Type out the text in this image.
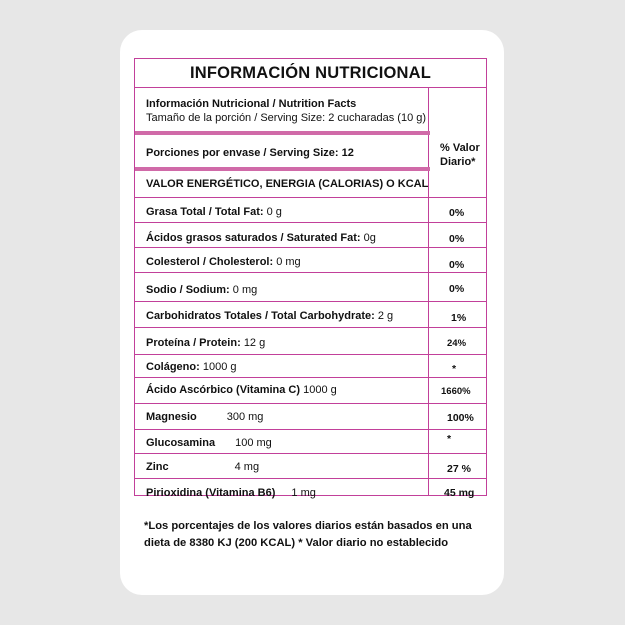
INFORMACIÓN NUTRICIONAL
Información Nutricional / Nutrition Facts
Tamaño de la porción / Serving Size: 2 cucharadas (10 g)
Porciones por envase / Serving Size: 12	% Valor Diario*
VALOR ENERGÉTICO, ENERGIA (CALORIAS) O KCAL
Grasa Total / Total Fat: 0 g	0%
Ácidos grasos saturados / Saturated Fat: 0g	0%
Colesterol / Cholesterol: 0 mg	0%
Sodio / Sodium: 0 mg	0%
Carbohidratos Totales / Total Carbohydrate: 2 g	1%
Proteína / Protein: 12 g	24%
Colágeno: 1000 g	*
Ácido Ascórbico (Vitamina C) 1000 g	1660%
Magnesio	300 mg	100%
Glucosamina 100 mg	*
Zinc	4 mg	27 %
Pirioxidina (Vitamina B6) 1 mg	45 mg
*Los porcentajes de los valores diarios están basados en una dieta de 8380 KJ (200 KCAL) * Valor diario no establecido
